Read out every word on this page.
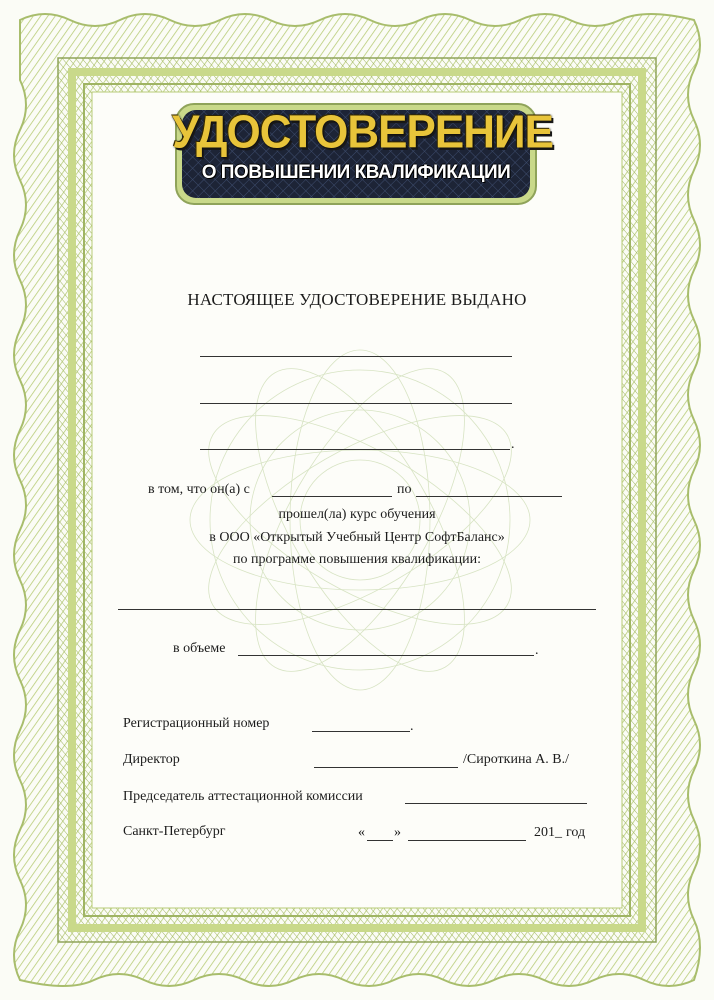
УДОСТОВЕРЕНИЕ
О ПОВЫШЕНИИ КВАЛИФИКАЦИИ
НАСТОЯЩЕЕ УДОСТОВЕРЕНИЕ ВЫДАНО
.
в том, что он(а) с	по
прошел(ла) курс обучения
в ООО «Открытый Учебный Центр СофтБаланс»
по программе повышения квалификации:
в объеме	.
Регистрационный номер	.
Директор	/Сироткина А. В./
Председатель аттестационной комиссии
Санкт-Петербург	« »	201_ год
